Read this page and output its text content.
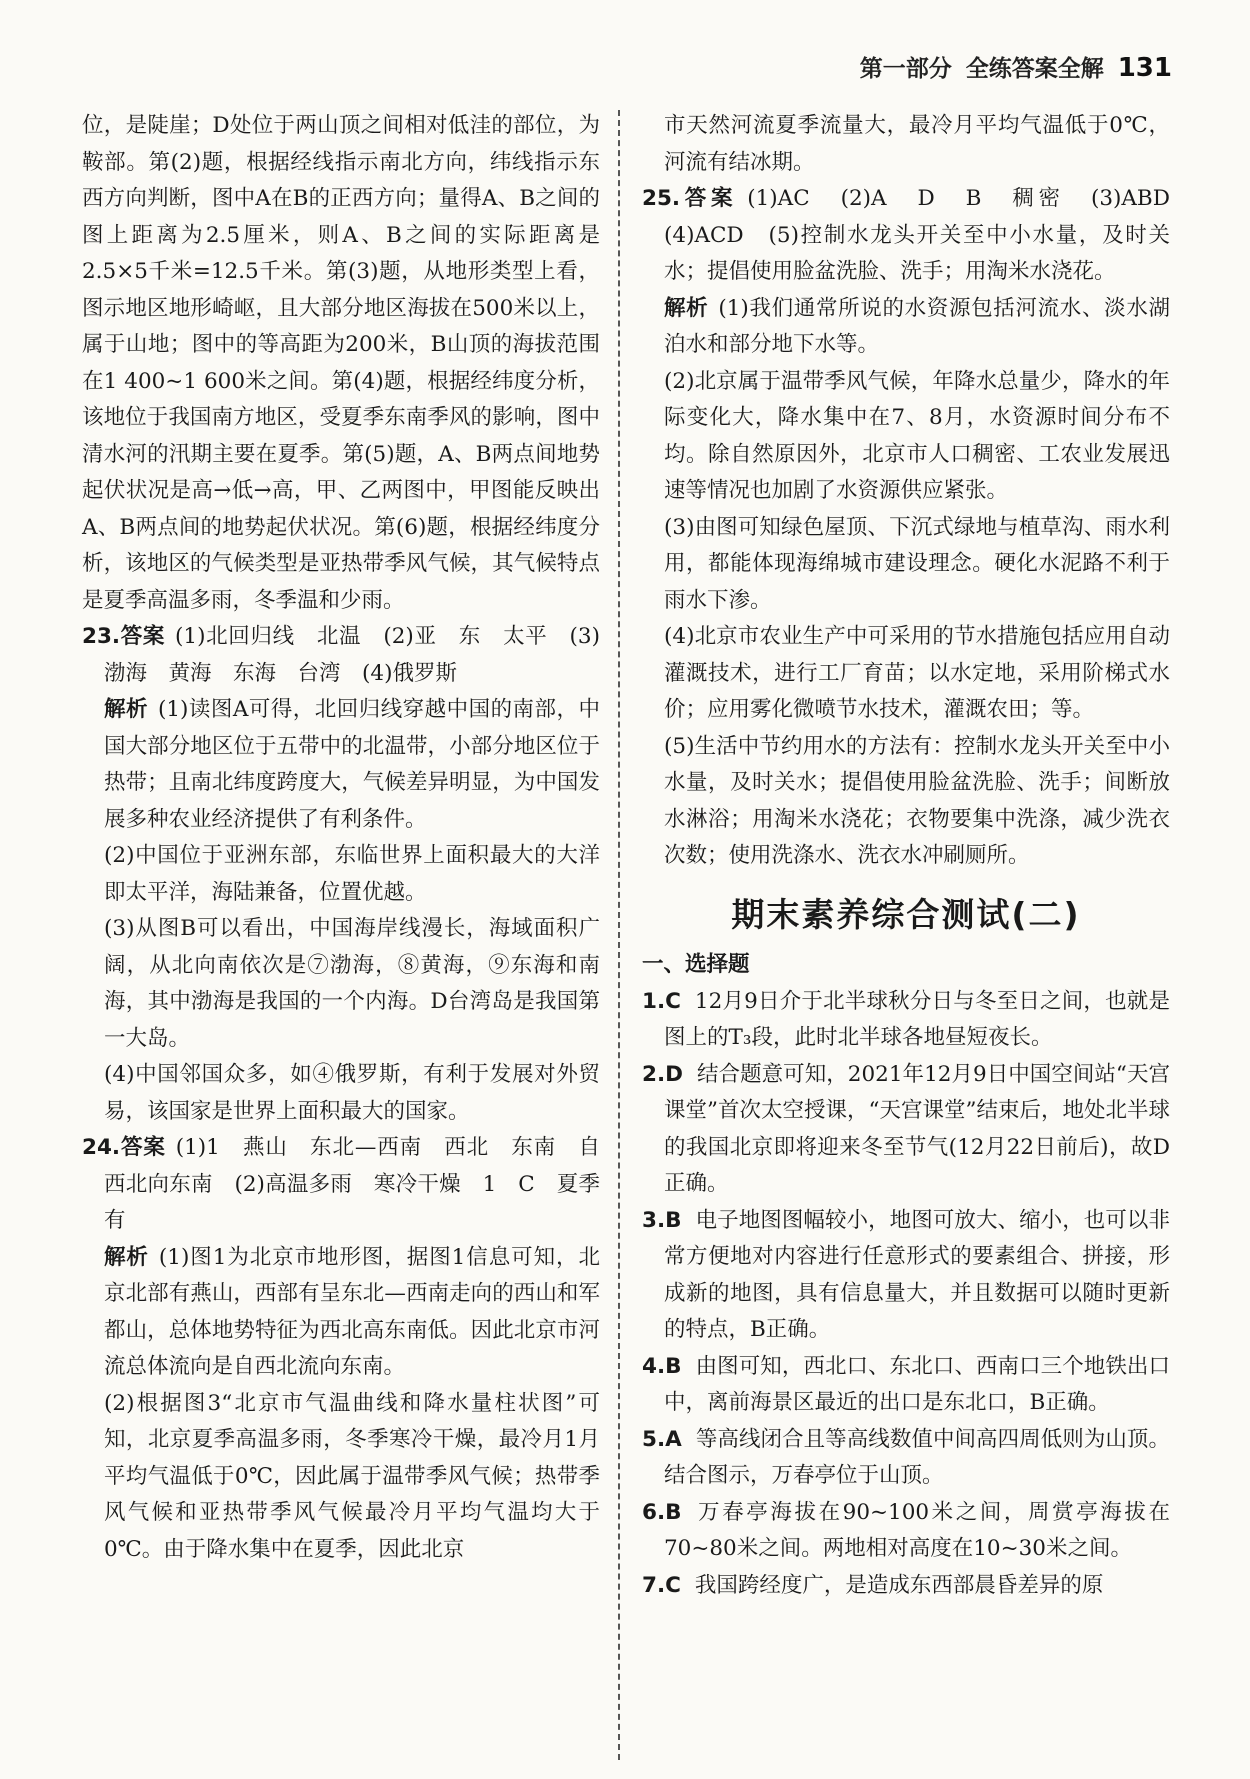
第一部分 全练答案全解 131

位，是陡崖；D处位于两山顶之间相对低洼的部位，为鞍部。第(2)题，根据经线指示南北方向，纬线指示东西方向判断，图中A在B的正西方向；量得A、B之间的图上距离为2.5厘米，则A、B之间的实际距离是2.5×5千米=12.5千米。第(3)题，从地形类型上看，图示地区地形崎岖，且大部分地区海拔在500米以上，属于山地；图中的等高距为200米，B山顶的海拔范围在1 400~1 600米之间。第(4)题，根据经纬度分析，该地位于我国南方地区，受夏季东南季风的影响，图中清水河的汛期主要在夏季。第(5)题，A、B两点间地势起伏状况是高→低→高，甲、乙两图中，甲图能反映出A、B两点间的地势起伏状况。第(6)题，根据经纬度分析，该地区的气候类型是亚热带季风气候，其气候特点是夏季高温多雨，冬季温和少雨。

23.答案 (1)北回归线　北温　(2)亚　东　太平　(3)渤海　黄海　东海　台湾　(4)俄罗斯

解析 (1)读图A可得，北回归线穿越中国的南部，中国大部分地区位于五带中的北温带，小部分地区位于热带；且南北纬度跨度大，气候差异明显，为中国发展多种农业经济提供了有利条件。

(2)中国位于亚洲东部，东临世界上面积最大的大洋即太平洋，海陆兼备，位置优越。

(3)从图B可以看出，中国海岸线漫长，海域面积广阔，从北向南依次是⑦渤海，⑧黄海，⑨东海和南海，其中渤海是我国的一个内海。D台湾岛是我国第一大岛。

(4)中国邻国众多，如④俄罗斯，有利于发展对外贸易，该国家是世界上面积最大的国家。

24.答案 (1)1　燕山　东北—西南　西北　东南　自西北向东南　(2)高温多雨　寒冷干燥　1　C　夏季　有

解析 (1)图1为北京市地形图，据图1信息可知，北京北部有燕山，西部有呈东北—西南走向的西山和军都山，总体地势特征为西北高东南低。因此北京市河流总体流向是自西北流向东南。

(2)根据图3“北京市气温曲线和降水量柱状图”可知，北京夏季高温多雨，冬季寒冷干燥，最冷月1月平均气温低于0℃，因此属于温带季风气候；热带季风气候和亚热带季风气候最冷月平均气温均大于0℃。由于降水集中在夏季，因此北京

市天然河流夏季流量大，最冷月平均气温低于0℃，河流有结冰期。

25.答案 (1)AC　(2)A　D　B　稠密　(3)ABD　(4)ACD　(5)控制水龙头开关至中小水量，及时关水；提倡使用脸盆洗脸、洗手；用淘米水浇花。

解析 (1)我们通常所说的水资源包括河流水、淡水湖泊水和部分地下水等。

(2)北京属于温带季风气候，年降水总量少，降水的年际变化大，降水集中在7、8月，水资源时间分布不均。除自然原因外，北京市人口稠密、工农业发展迅速等情况也加剧了水资源供应紧张。

(3)由图可知绿色屋顶、下沉式绿地与植草沟、雨水利用，都能体现海绵城市建设理念。硬化水泥路不利于雨水下渗。

(4)北京市农业生产中可采用的节水措施包括应用自动灌溉技术，进行工厂育苗；以水定地，采用阶梯式水价；应用雾化微喷节水技术，灌溉农田；等。

(5)生活中节约用水的方法有：控制水龙头开关至中小水量，及时关水；提倡使用脸盆洗脸、洗手；间断放水淋浴；用淘米水浇花；衣物要集中洗涤，减少洗衣次数；使用洗涤水、洗衣水冲刷厕所。

期末素养综合测试(二)

一、选择题

1.C 12月9日介于北半球秋分日与冬至日之间，也就是图上的T₃段，此时北半球各地昼短夜长。

2.D 结合题意可知，2021年12月9日中国空间站“天宫课堂”首次太空授课，“天宫课堂”结束后，地处北半球的我国北京即将迎来冬至节气(12月22日前后)，故D正确。

3.B 电子地图图幅较小，地图可放大、缩小，也可以非常方便地对内容进行任意形式的要素组合、拼接，形成新的地图，具有信息量大，并且数据可以随时更新的特点，B正确。

4.B 由图可知，西北口、东北口、西南口三个地铁出口中，离前海景区最近的出口是东北口，B正确。

5.A 等高线闭合且等高线数值中间高四周低则为山顶。结合图示，万春亭位于山顶。

6.B 万春亭海拔在90~100米之间，周赏亭海拔在70~80米之间。两地相对高度在10~30米之间。

7.C 我国跨经度广，是造成东西部晨昏差异的原
